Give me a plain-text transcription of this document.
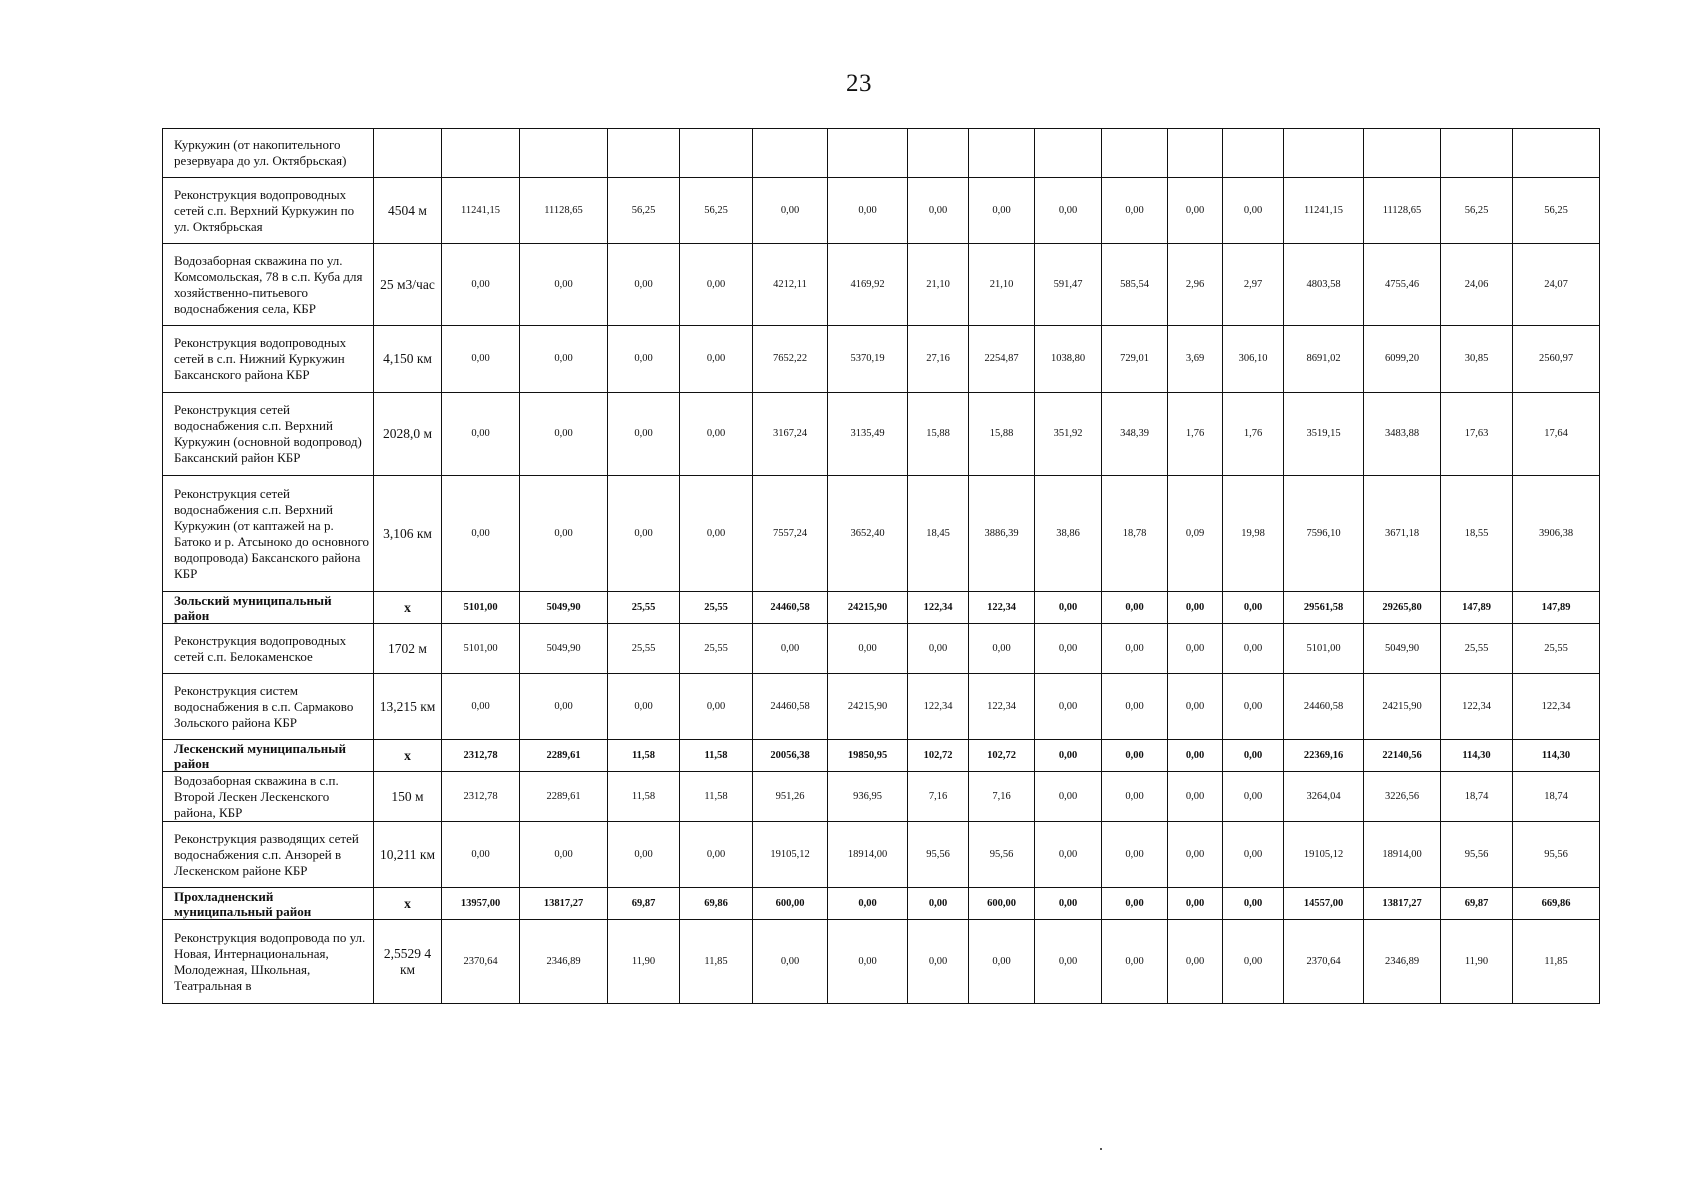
23
Куркужин (от накопительного резервуара до ул. Октябрьская)																	
Реконструкция водопроводных сетей с.п. Верхний Куркужин по ул. Октябрьская	4504 м	11241,15	11128,65	56,25	56,25	0,00	0,00	0,00	0,00	0,00	0,00	0,00	0,00	11241,15	11128,65	56,25	56,25
Водозаборная скважина по ул. Комсомольская, 78 в с.п. Куба для хозяйственно-питьевого водоснабжения села, КБР	25 м3/час	0,00	0,00	0,00	0,00	4212,11	4169,92	21,10	21,10	591,47	585,54	2,96	2,97	4803,58	4755,46	24,06	24,07
Реконструкция водопроводных сетей в с.п. Нижний Куркужин Баксанского района КБР	4,150 км	0,00	0,00	0,00	0,00	7652,22	5370,19	27,16	2254,87	1038,80	729,01	3,69	306,10	8691,02	6099,20	30,85	2560,97
Реконструкция сетей водоснабжения с.п. Верхний Куркужин (основной водопровод) Баксанский район КБР	2028,0 м	0,00	0,00	0,00	0,00	3167,24	3135,49	15,88	15,88	351,92	348,39	1,76	1,76	3519,15	3483,88	17,63	17,64
Реконструкция сетей водоснабжения с.п. Верхний Куркужин (от каптажей на р. Батоко и р. Атсыноко до основного водопровода) Баксанского района КБР	3,106 км	0,00	0,00	0,00	0,00	7557,24	3652,40	18,45	3886,39	38,86	18,78	0,09	19,98	7596,10	3671,18	18,55	3906,38
Зольский муниципальный район	х	5101,00	5049,90	25,55	25,55	24460,58	24215,90	122,34	122,34	0,00	0,00	0,00	0,00	29561,58	29265,80	147,89	147,89
Реконструкция водопроводных сетей с.п. Белокаменское	1702 м	5101,00	5049,90	25,55	25,55	0,00	0,00	0,00	0,00	0,00	0,00	0,00	0,00	5101,00	5049,90	25,55	25,55
Реконструкция систем водоснабжения в с.п. Сармаково Зольского района КБР	13,215 км	0,00	0,00	0,00	0,00	24460,58	24215,90	122,34	122,34	0,00	0,00	0,00	0,00	24460,58	24215,90	122,34	122,34
Лескенский муниципальный район	х	2312,78	2289,61	11,58	11,58	20056,38	19850,95	102,72	102,72	0,00	0,00	0,00	0,00	22369,16	22140,56	114,30	114,30
Водозаборная скважина в с.п. Второй Лескен Лескенского района, КБР	150 м	2312,78	2289,61	11,58	11,58	951,26	936,95	7,16	7,16	0,00	0,00	0,00	0,00	3264,04	3226,56	18,74	18,74
Реконструкция разводящих сетей водоснабжения с.п. Анзорей в Лескенском районе КБР	10,211 км	0,00	0,00	0,00	0,00	19105,12	18914,00	95,56	95,56	0,00	0,00	0,00	0,00	19105,12	18914,00	95,56	95,56
Прохладненский муниципальный район	х	13957,00	13817,27	69,87	69,86	600,00	0,00	0,00	600,00	0,00	0,00	0,00	0,00	14557,00	13817,27	69,87	669,86
Реконструкция водопровода по ул. Новая, Интернациональная, Молодежная, Школьная, Театральная в	2,5529 4 км	2370,64	2346,89	11,90	11,85	0,00	0,00	0,00	0,00	0,00	0,00	0,00	0,00	2370,64	2346,89	11,90	11,85
